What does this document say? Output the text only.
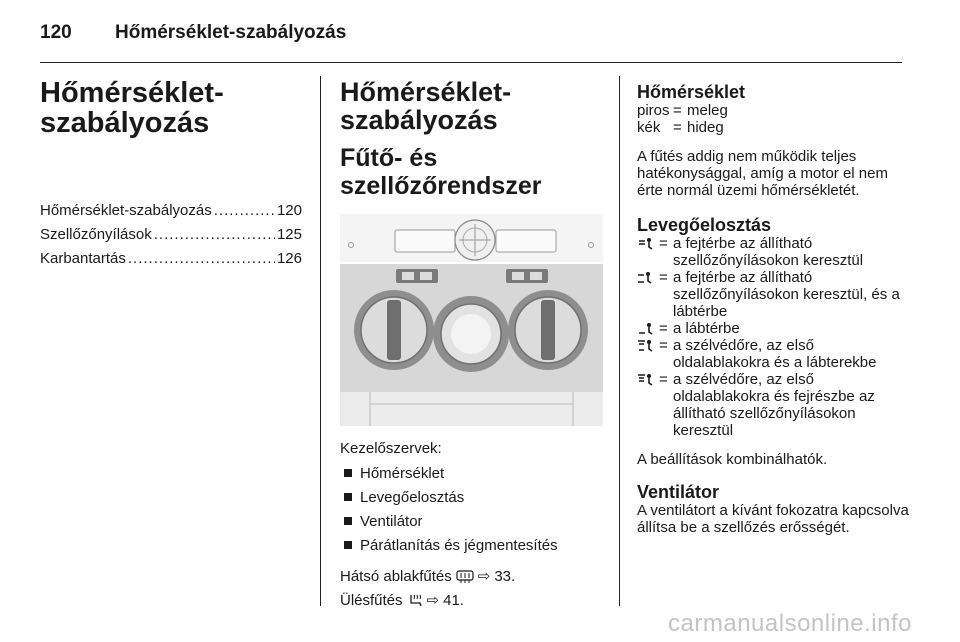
120 Hőmérséklet-szabályozás
Hőmérséklet-
szabályozás
Hőmérséklet-szabályozás .....	120
Szellőzőnyílások .....	125
Karbantartás .....	126
Hőmérséklet-
szabályozás
Fűtő- és szellőzőrendszer
Kezelőszervek:
Hőmérséklet
Levegőelosztás
Ventilátor
Párátlanítás és jégmentesítés
Hátsó ablakfűtés ⇨ 33.
Ülésfűtés ⇨ 41.
Hőmérséklet
piros = meleg
kék = hideg
A fűtés addig nem működik teljes hatékonysággal, amíg a motor el nem érte normál üzemi hőmérsékletét.
Levegőelosztás
= a fejtérbe az állítható szellőzőnyílásokon keresztül
= a fejtérbe az állítható szellőzőnyílásokon keresztül, és a lábtérbe
= a lábtérbe
= a szélvédőre, az első oldalablakokra és a lábterekbe
= a szélvédőre, az első oldalablakokra és fejrészbe az állítható szellőzőnyílásokon keresztül
A beállítások kombinálhatók.
Ventilátor
A ventilátort a kívánt fokozatra kapcsolva állítsa be a szellőzés erősségét.
carmanualsonline.info
